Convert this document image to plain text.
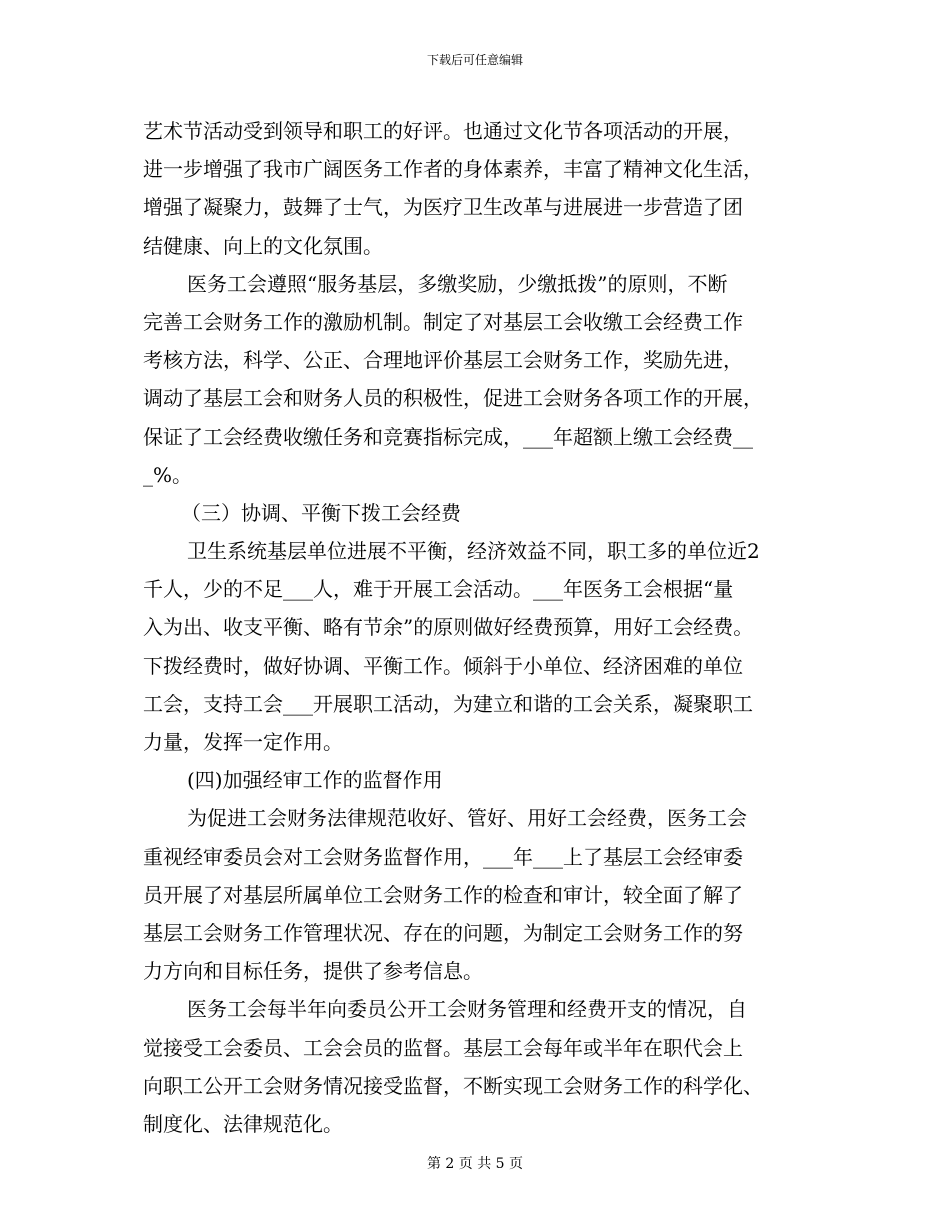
下载后可任意编辑
艺术节活动受到领导和职工的好评。也通过文化节各项活动的开展，
进一步增强了我市广阔医务工作者的身体素养，丰富了精神文化生活，
增强了凝聚力，鼓舞了士气，为医疗卫生改革与进展进一步营造了团
结健康、向上的文化氛围。
医务工会遵照“服务基层，多缴奖励，少缴抵拨”的原则，不断
完善工会财务工作的激励机制。制定了对基层工会收缴工会经费工作
考核方法，科学、公正、合理地评价基层工会财务工作，奖励先进，
调动了基层工会和财务人员的积极性，促进工会财务各项工作的开展，
保证了工会经费收缴任务和竞赛指标完成，___年超额上缴工会经费__
_%。
（三）协调、平衡下拨工会经费
卫生系统基层单位进展不平衡，经济效益不同，职工多的单位近2
千人，少的不足___人，难于开展工会活动。___年医务工会根据“量
入为出、收支平衡、略有节余”的原则做好经费预算，用好工会经费。
下拨经费时，做好协调、平衡工作。倾斜于小单位、经济困难的单位
工会，支持工会___开展职工活动，为建立和谐的工会关系，凝聚职工
力量，发挥一定作用。
(四)加强经审工作的监督作用
为促进工会财务法律规范收好、管好、用好工会经费，医务工会
重视经审委员会对工会财务监督作用，___年___上了基层工会经审委
员开展了对基层所属单位工会财务工作的检查和审计，较全面了解了
基层工会财务工作管理状况、存在的问题，为制定工会财务工作的努
力方向和目标任务，提供了参考信息。
医务工会每半年向委员公开工会财务管理和经费开支的情况，自
觉接受工会委员、工会会员的监督。基层工会每年或半年在职代会上
向职工公开工会财务情况接受监督，不断实现工会财务工作的科学化、
制度化、法律规范化。
第 2 页 共 5 页
